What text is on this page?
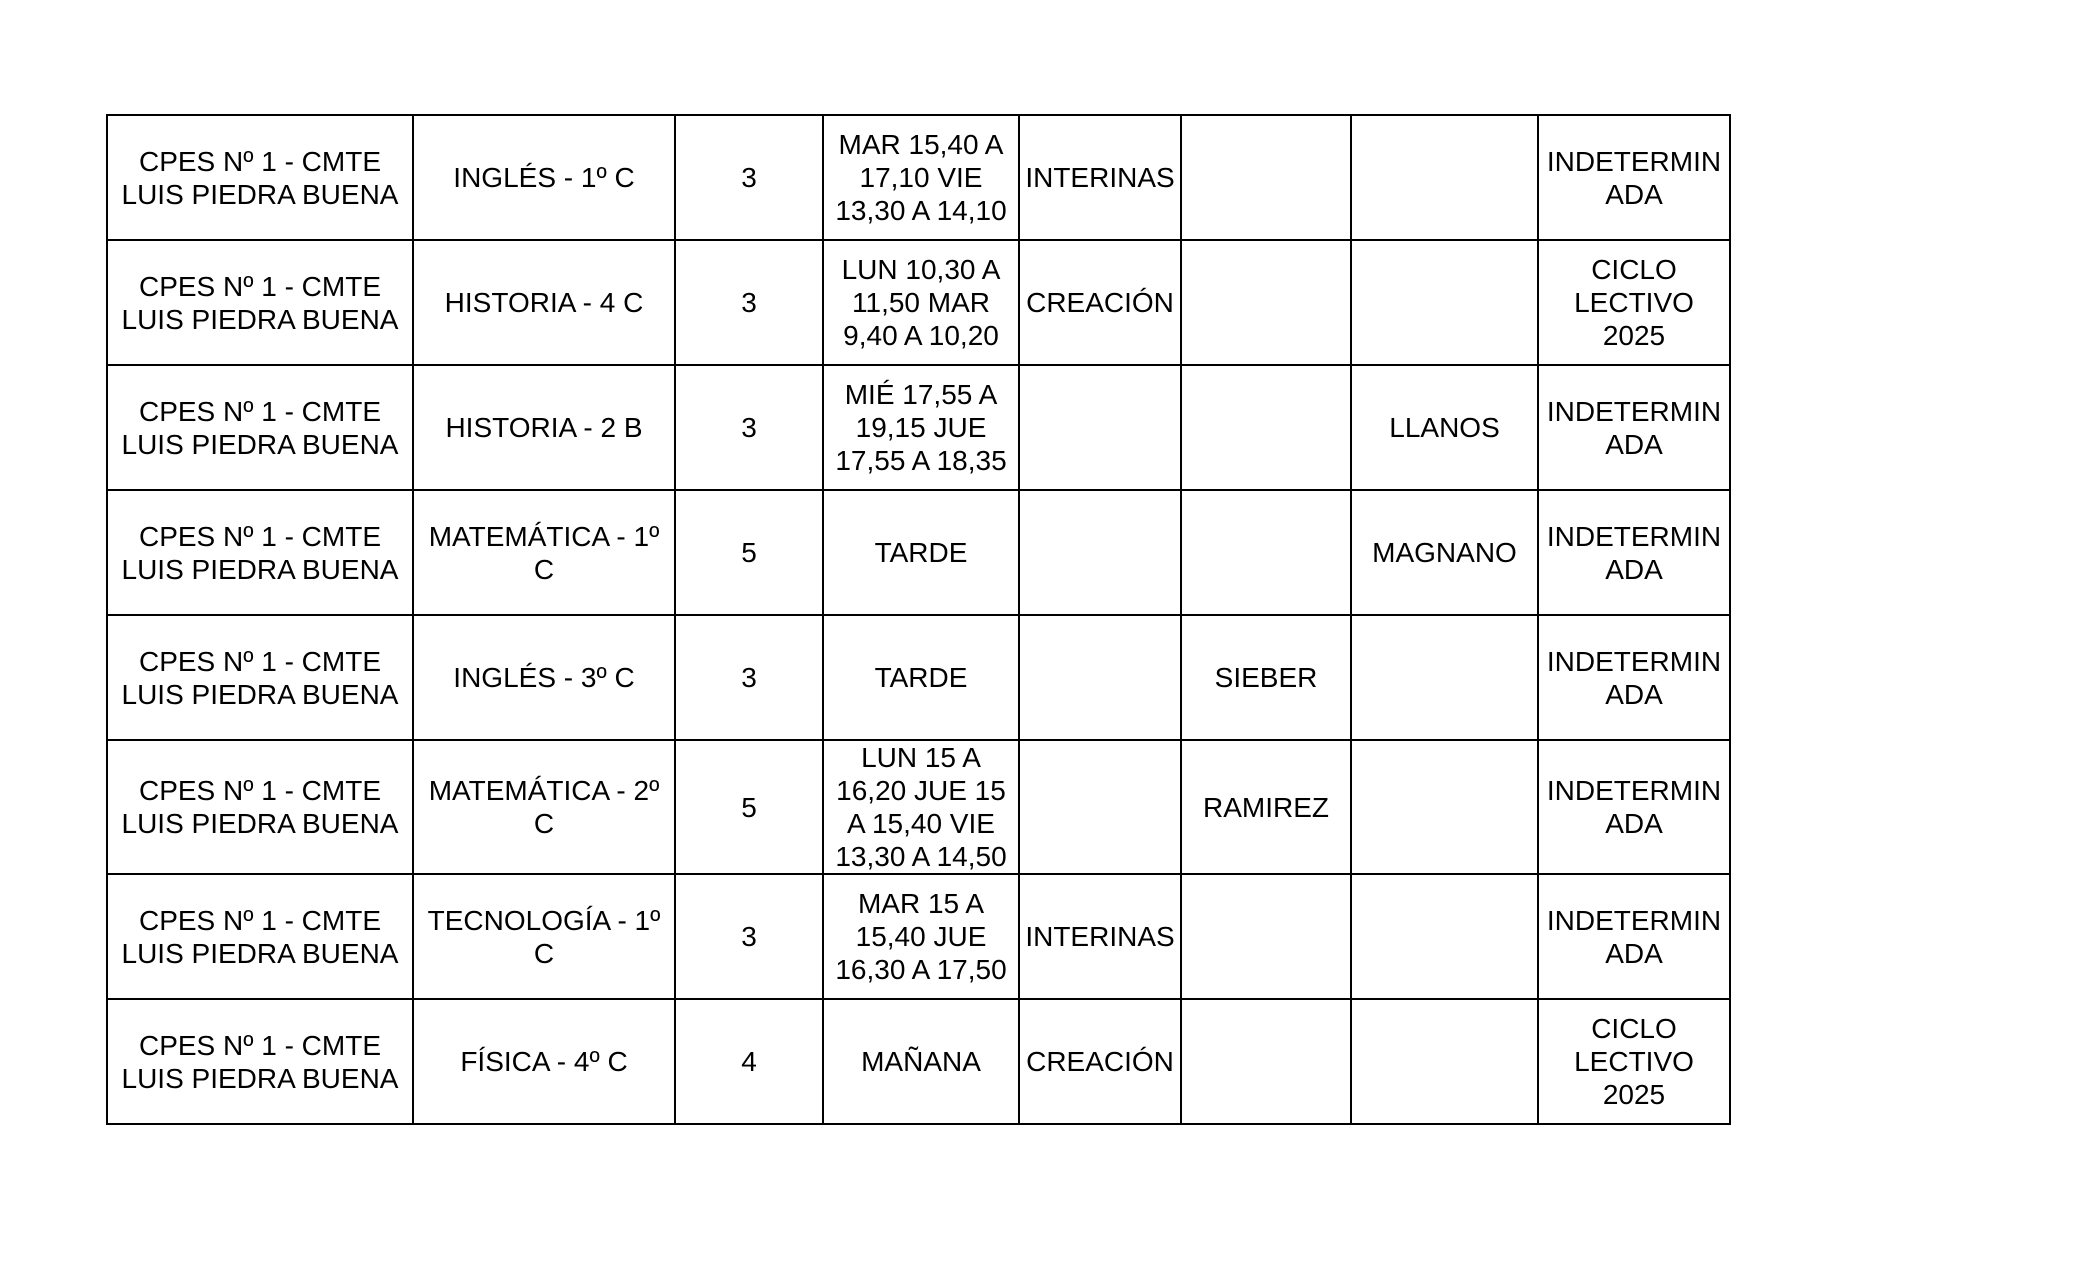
CPES Nº 1 - CMTE LUIS PIEDRA BUENA	INGLÉS - 1º C	3	MAR 15,40 A 17,10 VIE 13,30 A 14,10	INTERINAS			INDETERMIN ADA
CPES Nº 1 - CMTE LUIS PIEDRA BUENA	HISTORIA - 4 C	3	LUN 10,30 A 11,50 MAR 9,40 A 10,20	CREACIÓN			CICLO LECTIVO 2025
CPES Nº 1 - CMTE LUIS PIEDRA BUENA	HISTORIA - 2 B	3	MIÉ 17,55 A 19,15 JUE 17,55 A 18,35			LLANOS	INDETERMIN ADA
CPES Nº 1 - CMTE LUIS PIEDRA BUENA	MATEMÁTICA - 1º C	5	TARDE			MAGNANO	INDETERMIN ADA
CPES Nº 1 - CMTE LUIS PIEDRA BUENA	INGLÉS - 3º C	3	TARDE		SIEBER		INDETERMIN ADA
CPES Nº 1 - CMTE LUIS PIEDRA BUENA	MATEMÁTICA - 2º C	5	LUN 15 A 16,20 JUE 15 A 15,40 VIE 13,30 A 14,50		RAMIREZ		INDETERMIN ADA
CPES Nº 1 - CMTE LUIS PIEDRA BUENA	TECNOLOGÍA - 1º C	3	MAR 15 A 15,40 JUE 16,30 A 17,50	INTERINAS			INDETERMIN ADA
CPES Nº 1 - CMTE LUIS PIEDRA BUENA	FÍSICA - 4º C	4	MAÑANA	CREACIÓN			CICLO LECTIVO 2025
